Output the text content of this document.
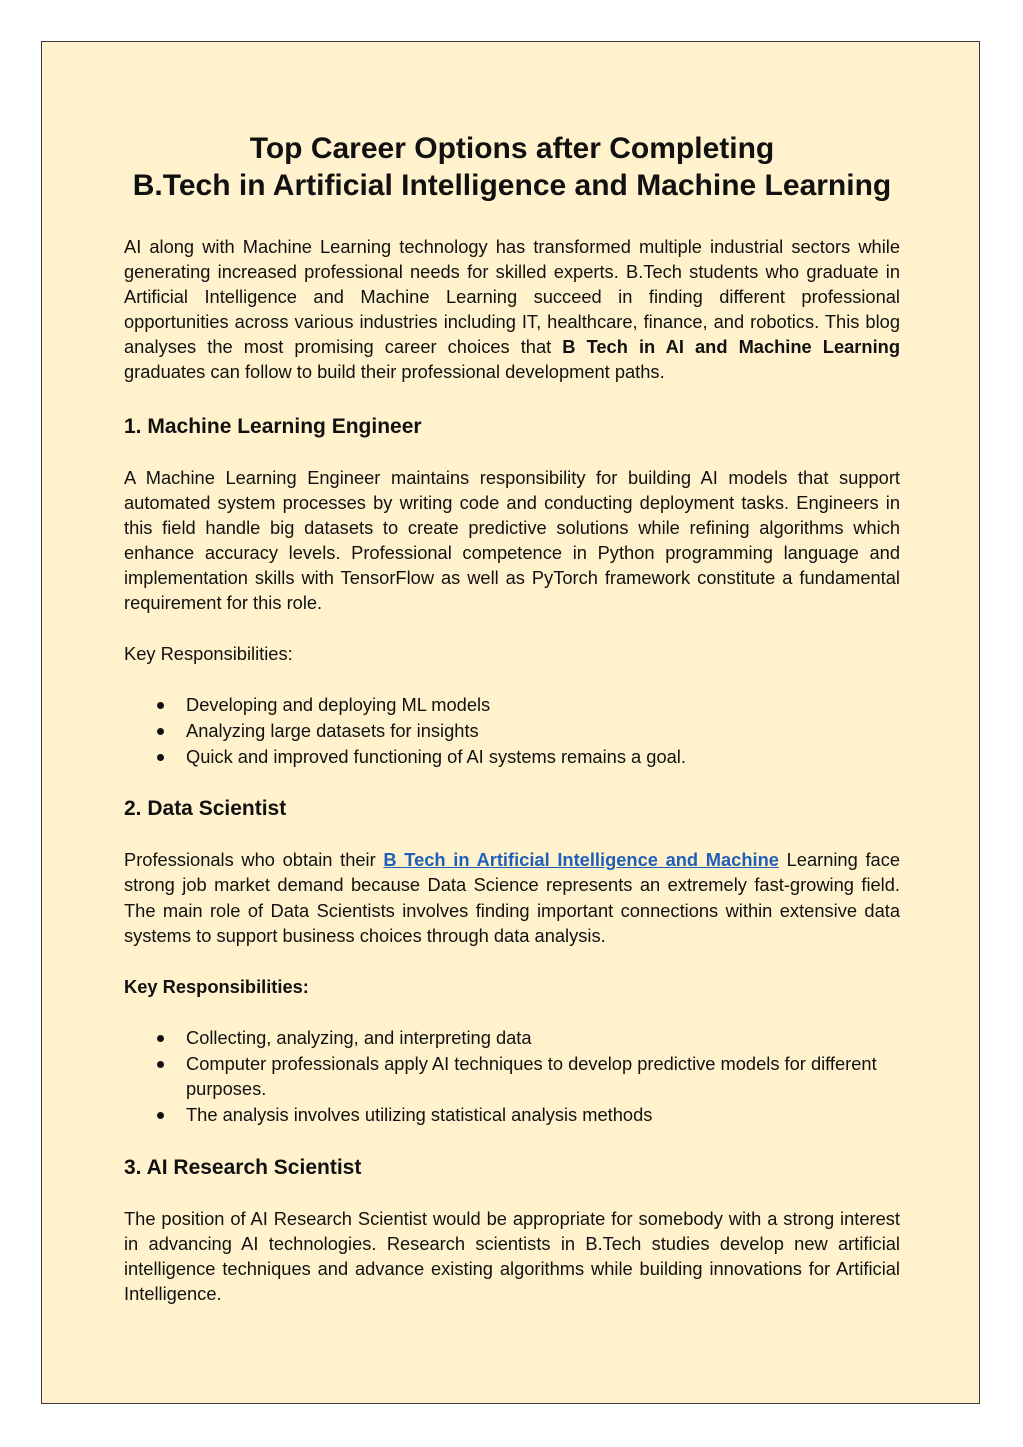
Top Career Options after Completing
B.Tech in Artificial Intelligence and Machine Learning

AI along with Machine Learning technology has transformed multiple industrial sectors while generating increased professional needs for skilled experts. B.Tech students who graduate in Artificial Intelligence and Machine Learning succeed in finding different professional opportunities across various industries including IT, healthcare, finance, and robotics. This blog analyses the most promising career choices that B Tech in AI and Machine Learning graduates can follow to build their professional development paths.

1. Machine Learning Engineer

A Machine Learning Engineer maintains responsibility for building AI models that support automated system processes by writing code and conducting deployment tasks. Engineers in this field handle big datasets to create predictive solutions while refining algorithms which enhance accuracy levels. Professional competence in Python programming language and implementation skills with TensorFlow as well as PyTorch framework constitute a fundamental requirement for this role.

Key Responsibilities:

Developing and deploying ML models
Analyzing large datasets for insights
Quick and improved functioning of AI systems remains a goal.
2. Data Scientist

Professionals who obtain their B Tech in Artificial Intelligence and Machine Learning face strong job market demand because Data Science represents an extremely fast-growing field. The main role of Data Scientists involves finding important connections within extensive data systems to support business choices through data analysis.

Key Responsibilities:

Collecting, analyzing, and interpreting data
Computer professionals apply AI techniques to develop predictive models for different purposes.
The analysis involves utilizing statistical analysis methods
3. AI Research Scientist

The position of AI Research Scientist would be appropriate for somebody with a strong interest in advancing AI technologies. Research scientists in B.Tech studies develop new artificial intelligence techniques and advance existing algorithms while building innovations for Artificial Intelligence.
